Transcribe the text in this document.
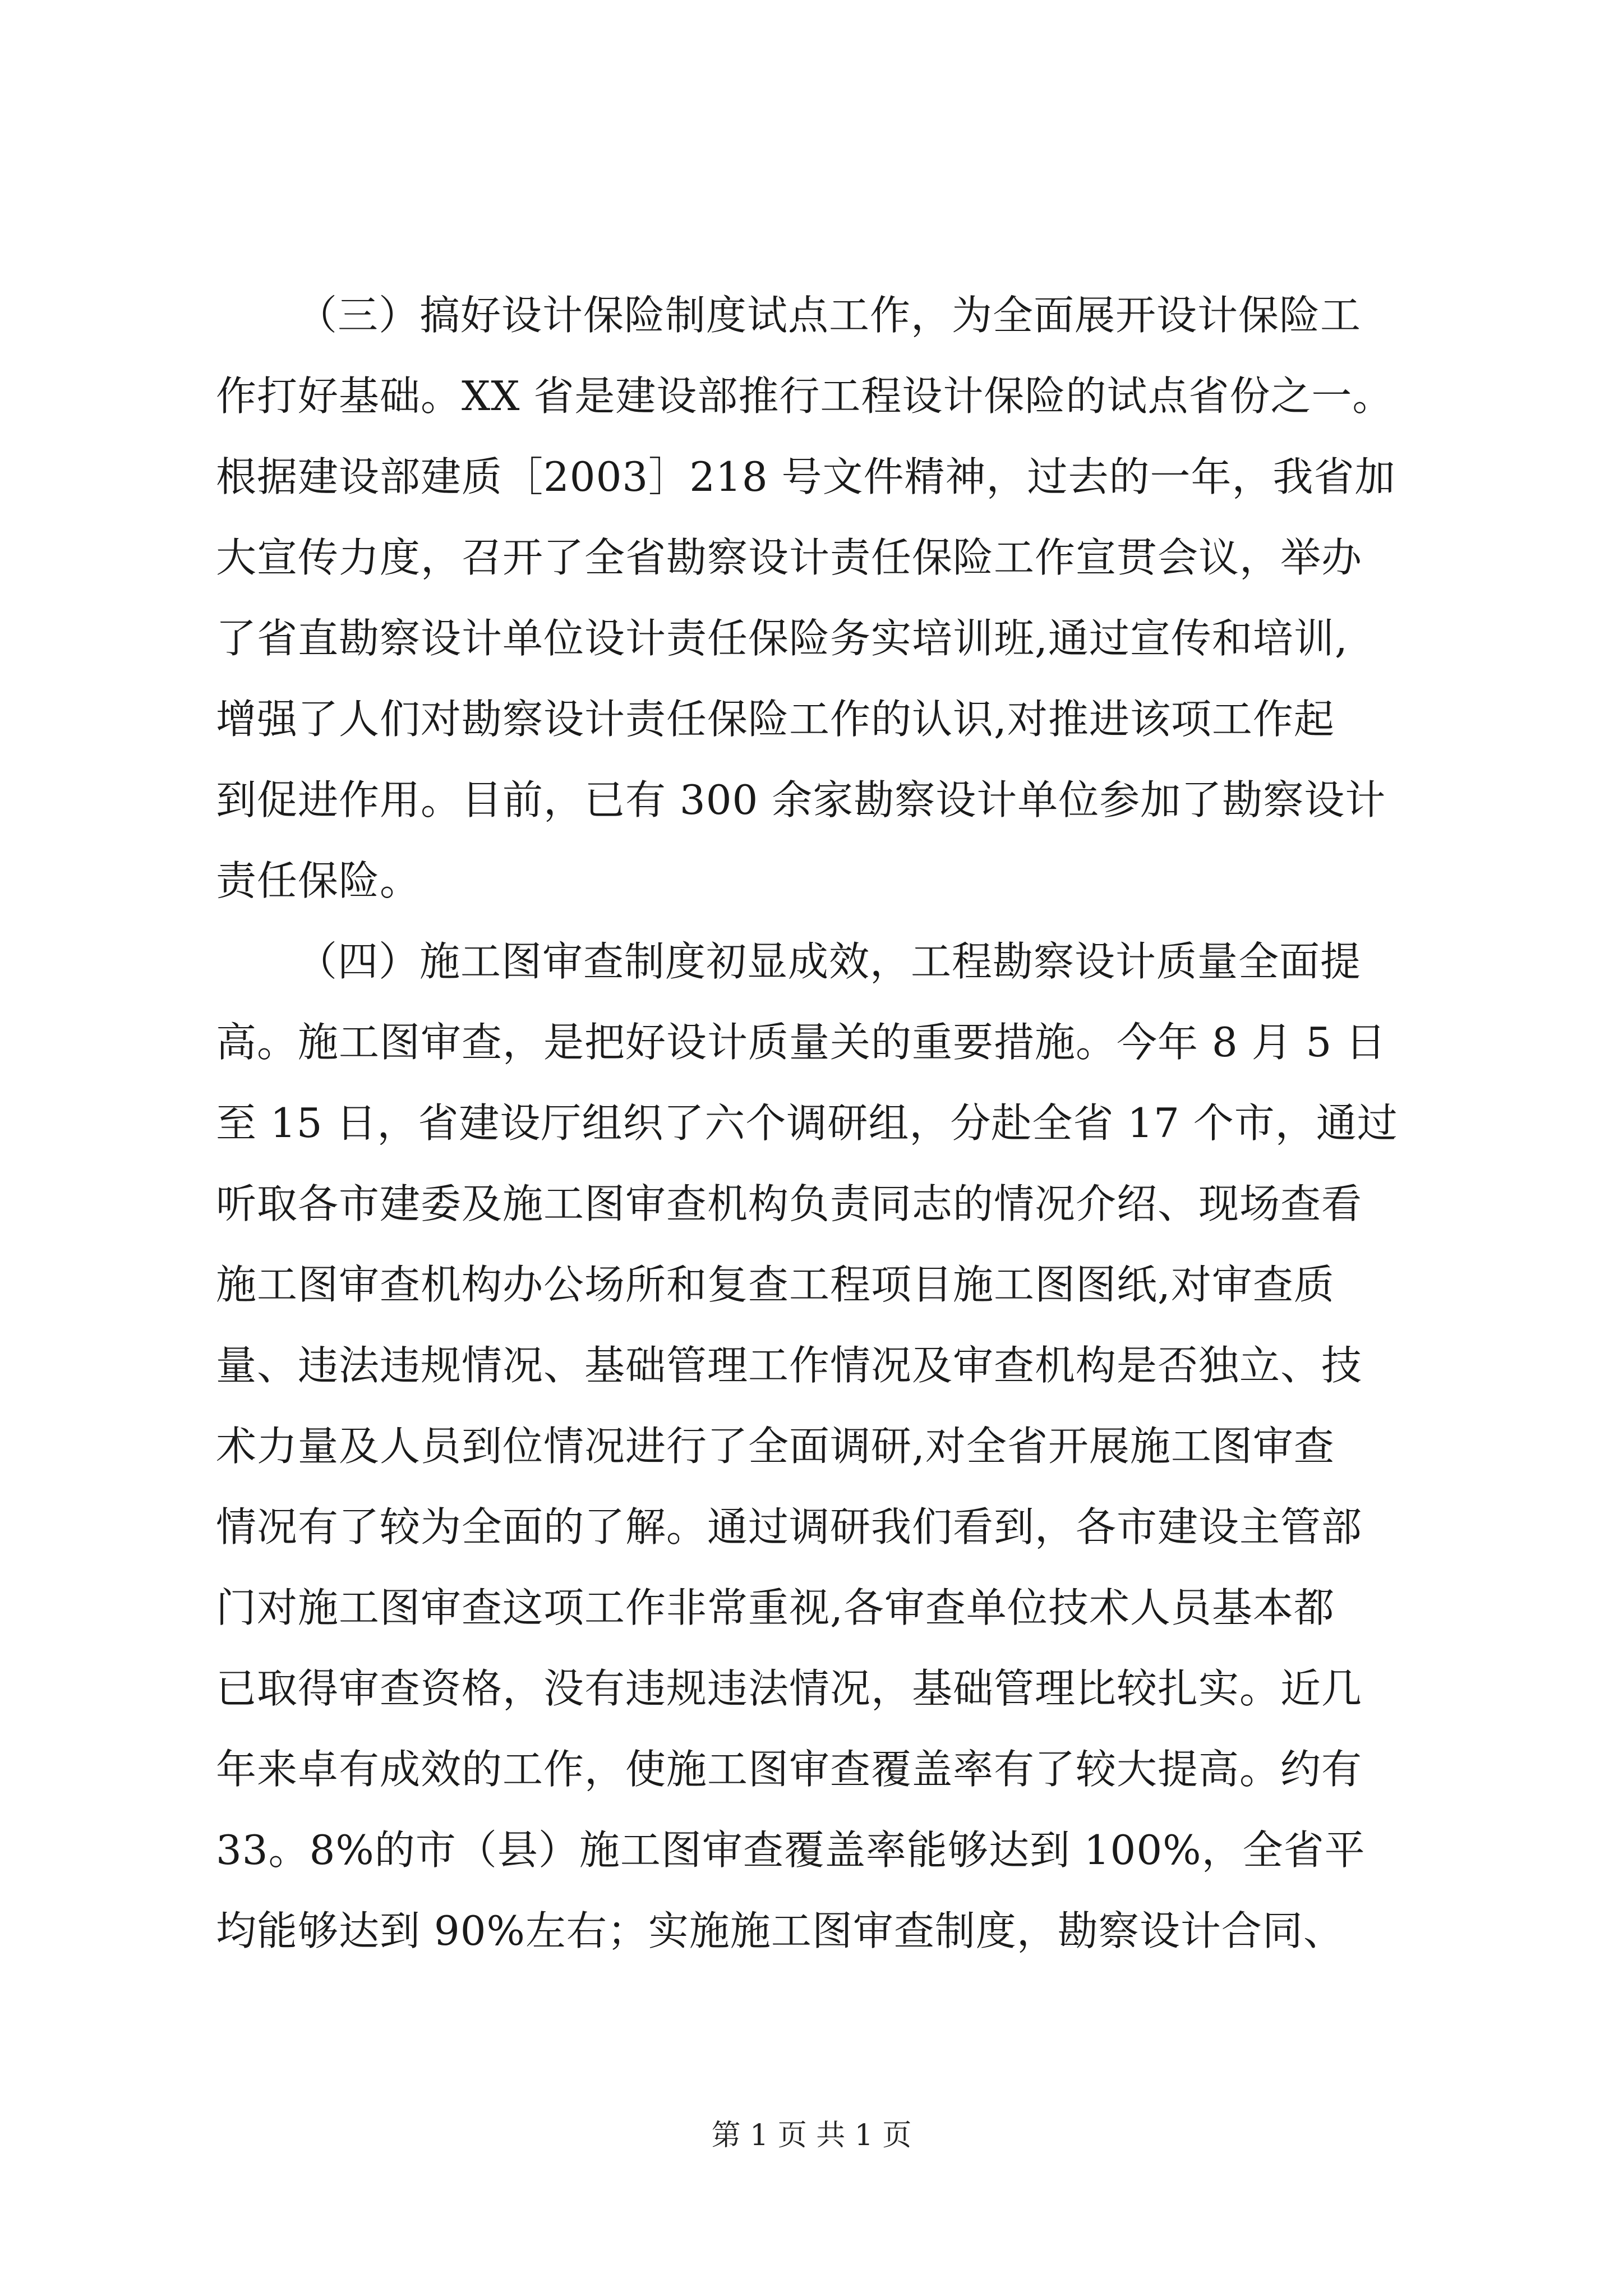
（三）搞好设计保险制度试点工作，为全面展开设计保险工
作打好基础。XX 省是建设部推行工程设计保险的试点省份之一。
根据建设部建质［2003］218 号文件精神，过去的一年，我省加
大宣传力度，召开了全省勘察设计责任保险工作宣贯会议，举办
了省直勘察设计单位设计责任保险务实培训班,通过宣传和培训,
增强了人们对勘察设计责任保险工作的认识,对推进该项工作起
到促进作用。目前，已有 300 余家勘察设计单位参加了勘察设计
责任保险。
（四）施工图审查制度初显成效，工程勘察设计质量全面提
高。施工图审查，是把好设计质量关的重要措施。今年 8 月 5 日
至 15 日，省建设厅组织了六个调研组，分赴全省 17 个市，通过
听取各市建委及施工图审查机构负责同志的情况介绍、现场查看
施工图审查机构办公场所和复查工程项目施工图图纸,对审查质
量、违法违规情况、基础管理工作情况及审查机构是否独立、技
术力量及人员到位情况进行了全面调研,对全省开展施工图审查
情况有了较为全面的了解。通过调研我们看到，各市建设主管部
门对施工图审查这项工作非常重视,各审查单位技术人员基本都
已取得审查资格，没有违规违法情况，基础管理比较扎实。近几
年来卓有成效的工作，使施工图审查覆盖率有了较大提高。约有
33。8%的市（县）施工图审查覆盖率能够达到 100%，全省平
均能够达到 90%左右；实施施工图审查制度，勘察设计合同、
第 1 页 共 1 页
